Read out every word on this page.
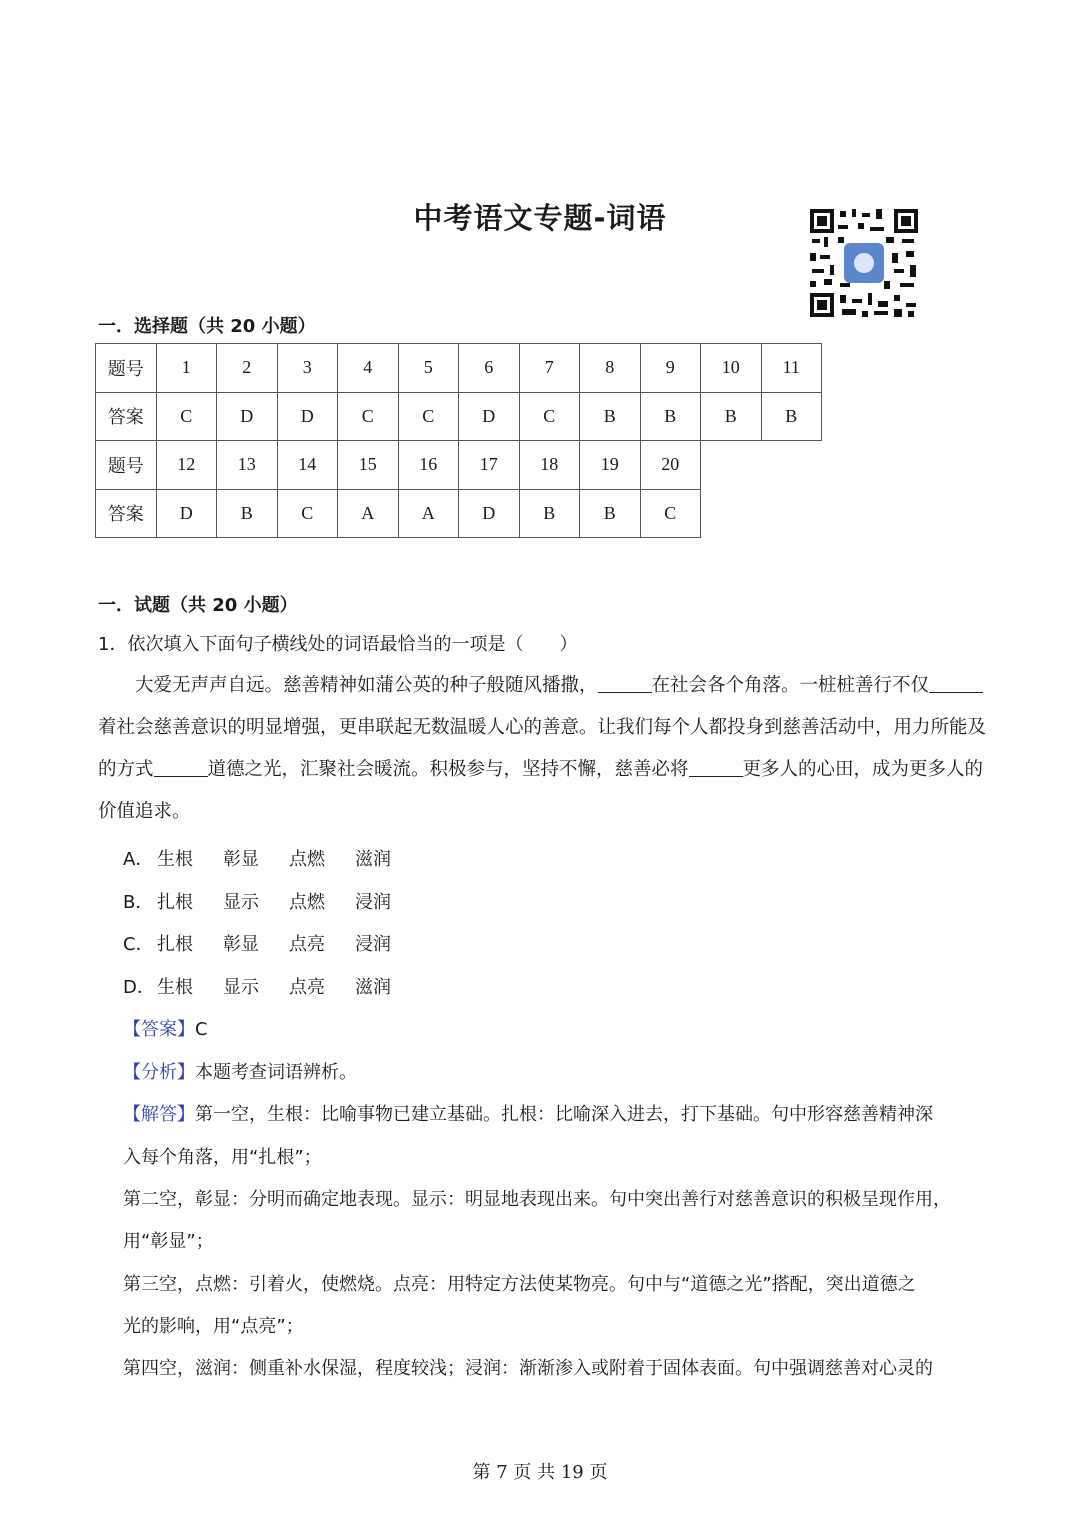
中考语文专题-词语
一．选择题（共 20 小题）
题号	1	2	3	4	5	6	7	8	9	10	11
答案	C	D	D	C	C	D	C	B	B	B	B
题号	12	13	14	15	16	17	18	19	20		
答案	D	B	C	A	A	D	B	B	C		
一．试题（共 20 小题）
1．依次填入下面句子横线处的词语最恰当的一项是（　　）
大爱无声声自远。慈善精神如蒲公英的种子般随风播撒，	在社会各个角落。一桩桩善行不仅着社会慈善意识的明显增强，更串联起无数温暖人心的善意。让我们每个人都投身到慈善活动中，用力所能及的方式	道德之光，汇聚社会暖流。积极参与，坚持不懈，慈善必将	更多人的心田，成为更多人的价值追求。
A． 生根 彰显 点燃 滋润
B． 扎根 显示 点燃 浸润
C． 扎根 彰显 点亮 浸润
D． 生根 显示 点亮 滋润
【答案】C
【分析】本题考查词语辨析。
【解答】第一空，生根：比喻事物已建立基础。扎根：比喻深入进去，打下基础。句中形容慈善精神深
入每个角落，用“扎根”；
第二空，彰显：分明而确定地表现。显示：明显地表现出来。句中突出善行对慈善意识的积极呈现作用，
用“彰显”；
第三空，点燃：引着火，使燃烧。点亮：用特定方法使某物亮。句中与“道德之光”搭配，突出道德之
光的影响，用“点亮”；
第四空，滋润：侧重补水保湿，程度较浅；浸润：渐渐渗入或附着于固体表面。句中强调慈善对心灵的
第 7 页 共 19 页
